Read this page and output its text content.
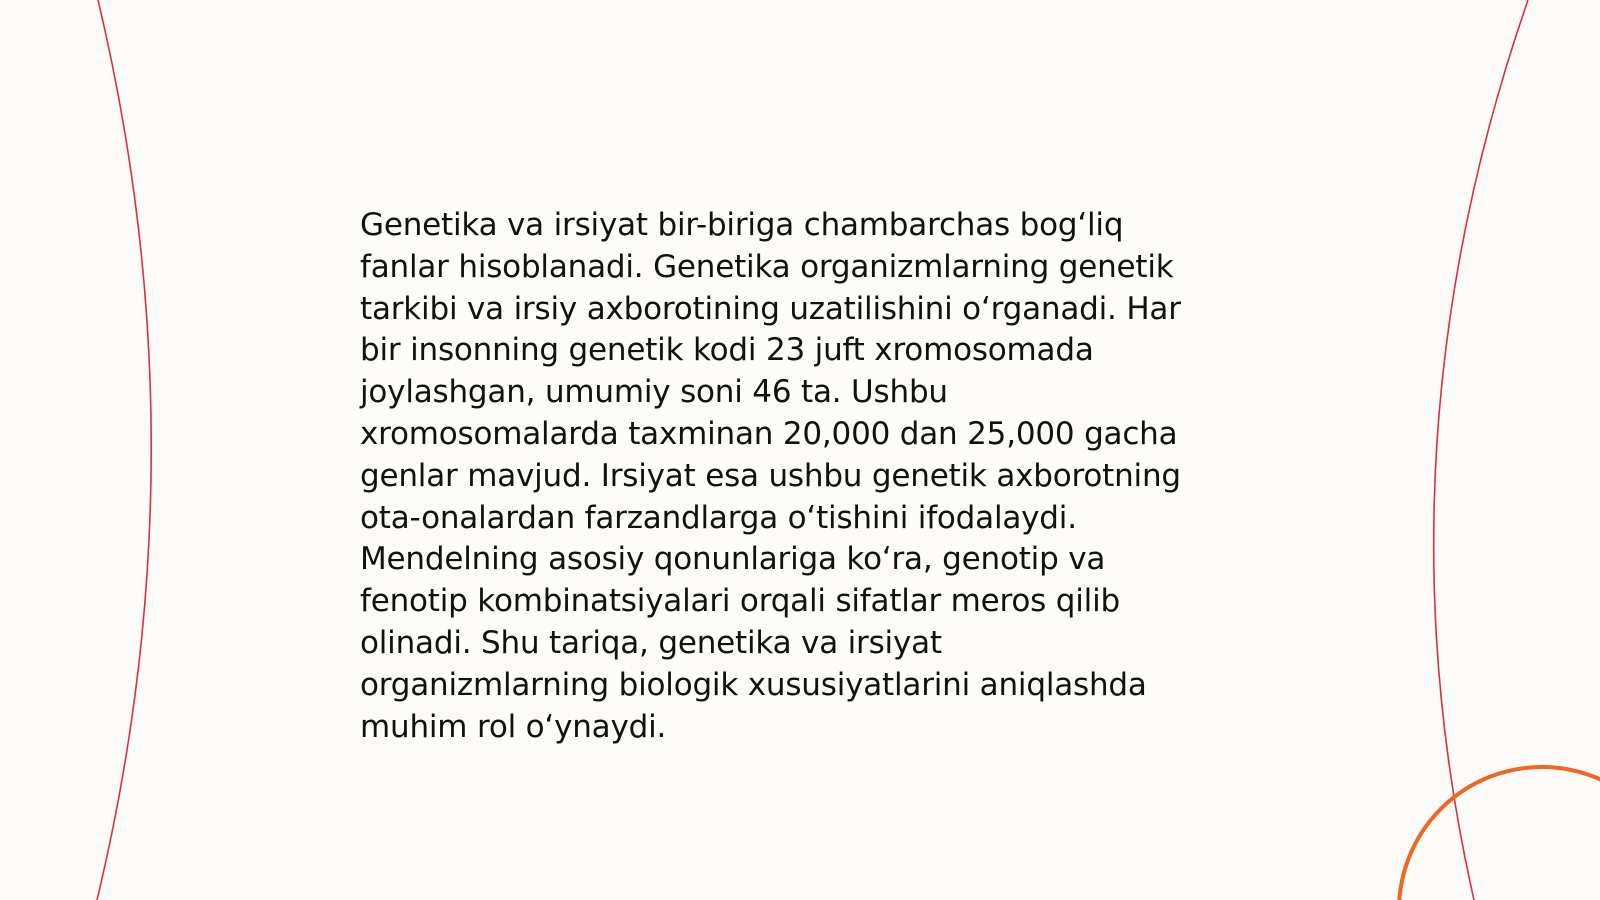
Genetika va irsiyat bir-biriga chambarchas bog‘liq
fanlar hisoblanadi. Genetika organizmlarning genetik
tarkibi va irsiy axborotining uzatilishini o‘rganadi. Har
bir insonning genetik kodi 23 juft xromosomada
joylashgan, umumiy soni 46 ta. Ushbu
xromosomalarda taxminan 20,000 dan 25,000 gacha
genlar mavjud. Irsiyat esa ushbu genetik axborotning
ota-onalardan farzandlarga o‘tishini ifodalaydi.
Mendelning asosiy qonunlariga ko‘ra, genotip va
fenotip kombinatsiyalari orqali sifatlar meros qilib
olinadi. Shu tariqa, genetika va irsiyat
organizmlarning biologik xususiyatlarini aniqlashda
muhim rol o‘ynaydi.
